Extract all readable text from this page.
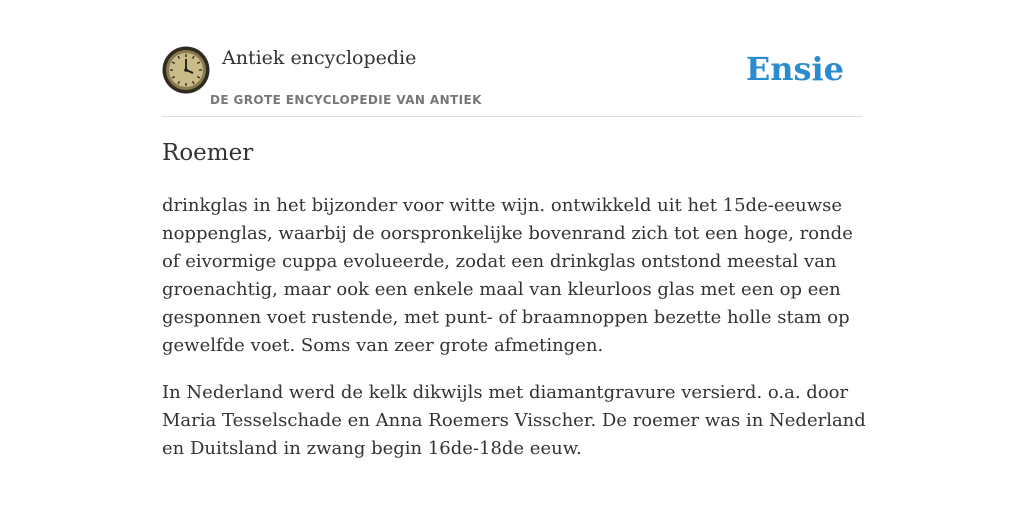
Antiek encyclopedie
DE GROTE ENCYCLOPEDIE VAN ANTIEK
Ensie
Roemer

drinkglas in het bijzonder voor witte wijn. ontwikkeld uit het 15de-eeuwse noppenglas, waarbij de oorspronkelijke bovenrand zich tot een hoge, ronde of eivormige cuppa evolueerde, zodat een drinkglas ontstond meestal van groenachtig, maar ook een enkele maal van kleurloos glas met een op een gesponnen voet rustende, met punt- of braamnoppen bezette holle stam op gewelfde voet. Soms van zeer grote afmetingen.

In Nederland werd de kelk dikwijls met diamantgravure versierd. o.a. door Maria Tesselschade en Anna Roemers Visscher. De roemer was in Nederland en Duitsland in zwang begin 16de-18de eeuw.
